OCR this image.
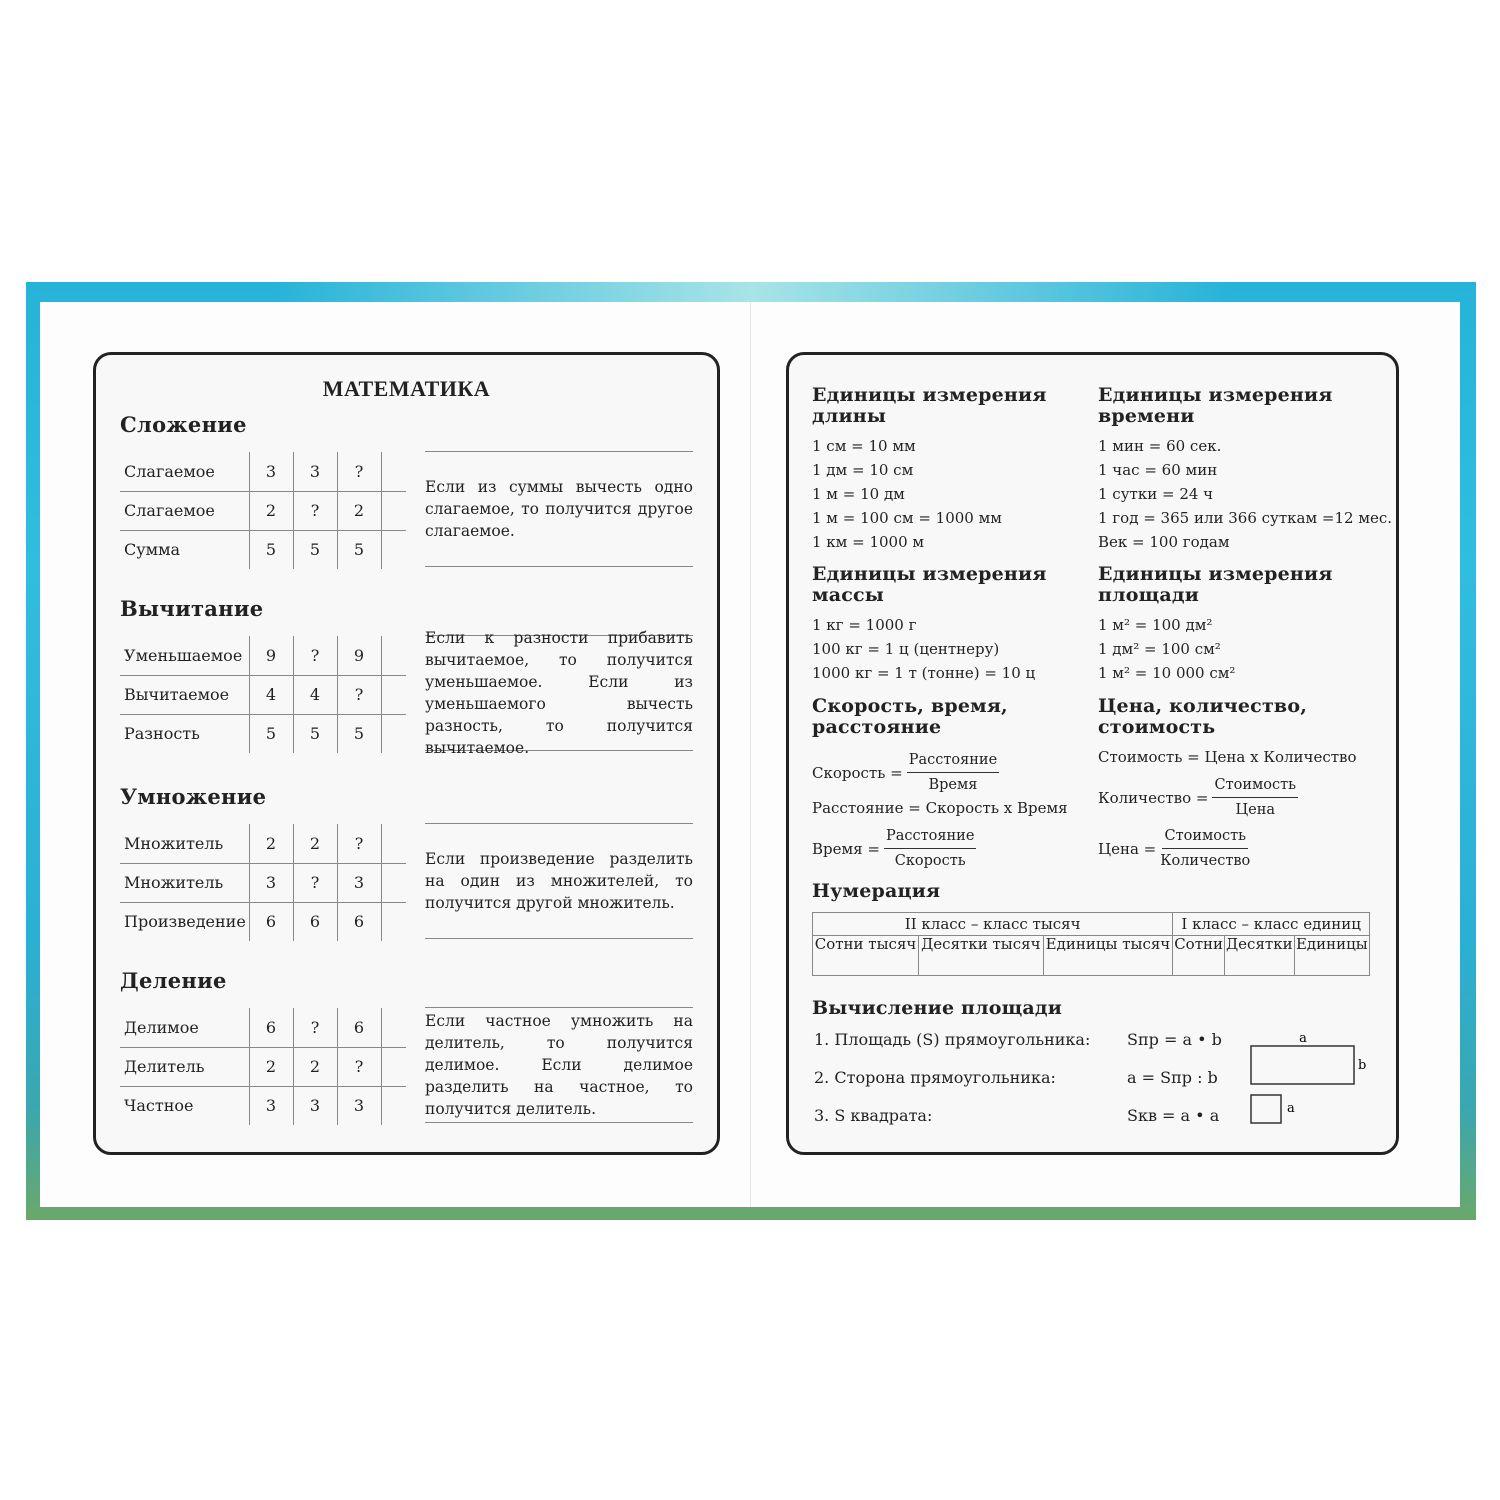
МАТЕМАТИКА
Сложение
Слагаемое	3	3	?
Слагаемое	2	?	2
Сумма	5	5	5
Если из суммы вычесть одно слагаемое, то получится другое слагаемое.
Вычитание
Уменьшаемое	9	?	9
Вычитаемое	4	4	?
Разность	5	5	5
Если к разности прибавить вычитаемое, то получится уменьшаемое. Если из уменьшаемого вычесть разность, то получится вычитаемое.
Умножение
Множитель	2	2	?
Множитель	3	?	3
Произведение	6	6	6
Если произведение разделить на один из множителей, то получится другой множитель.
Деление
Делимое	6	?	6
Делитель	2	2	?
Частное	3	3	3
Если частное умножить на делитель, то получится делимое. Если делимое разделить на частное, то получится делитель.
Единицы измерения длины
1 см = 10 мм
1 дм = 10 см
1 м = 10 дм
1 м = 100 см = 1000 мм
1 км = 1000 м
Единицы измерения времени
1 мин = 60 сек.
1 час = 60 мин
1 сутки = 24 ч
1 год = 365 или 366 суткам =12 мес.
Век = 100 годам
Единицы измерения массы
1 кг = 1000 г
100 кг = 1 ц (центнеру)
1000 кг = 1 т (тонне) = 10 ц
Единицы измерения площади
1 м² = 100 дм²
1 дм² = 100 см²
1 м² = 10 000 см²
Скорость, время, расстояние
Скорость = $\frac{\text{Расстояние}}{\text{Время}}$
Расстояние = Скорость х Время
Время = $\frac{\text{Расстояние}}{\text{Скорость}}$
Цена, количество, стоимость
Стоимость = Цена х Количество
Количество = $\frac{\text{Стоимость}}{\text{Цена}}$
Цена = $\frac{\text{Стоимость}}{\text{Количество}}$
Нумерация
II класс – класс тысяч			I класс – класс единиц		
Сотни тысяч	Десятки тысяч	Единицы тысяч	Сотни	Десятки	Единицы
Вычисление площади
1. Площадь (S) прямоугольника: Sпр = a • b
2. Сторона прямоугольника:	a = Sпр : b
3. S квадрата:	Sкв = a • a
a
b
a
